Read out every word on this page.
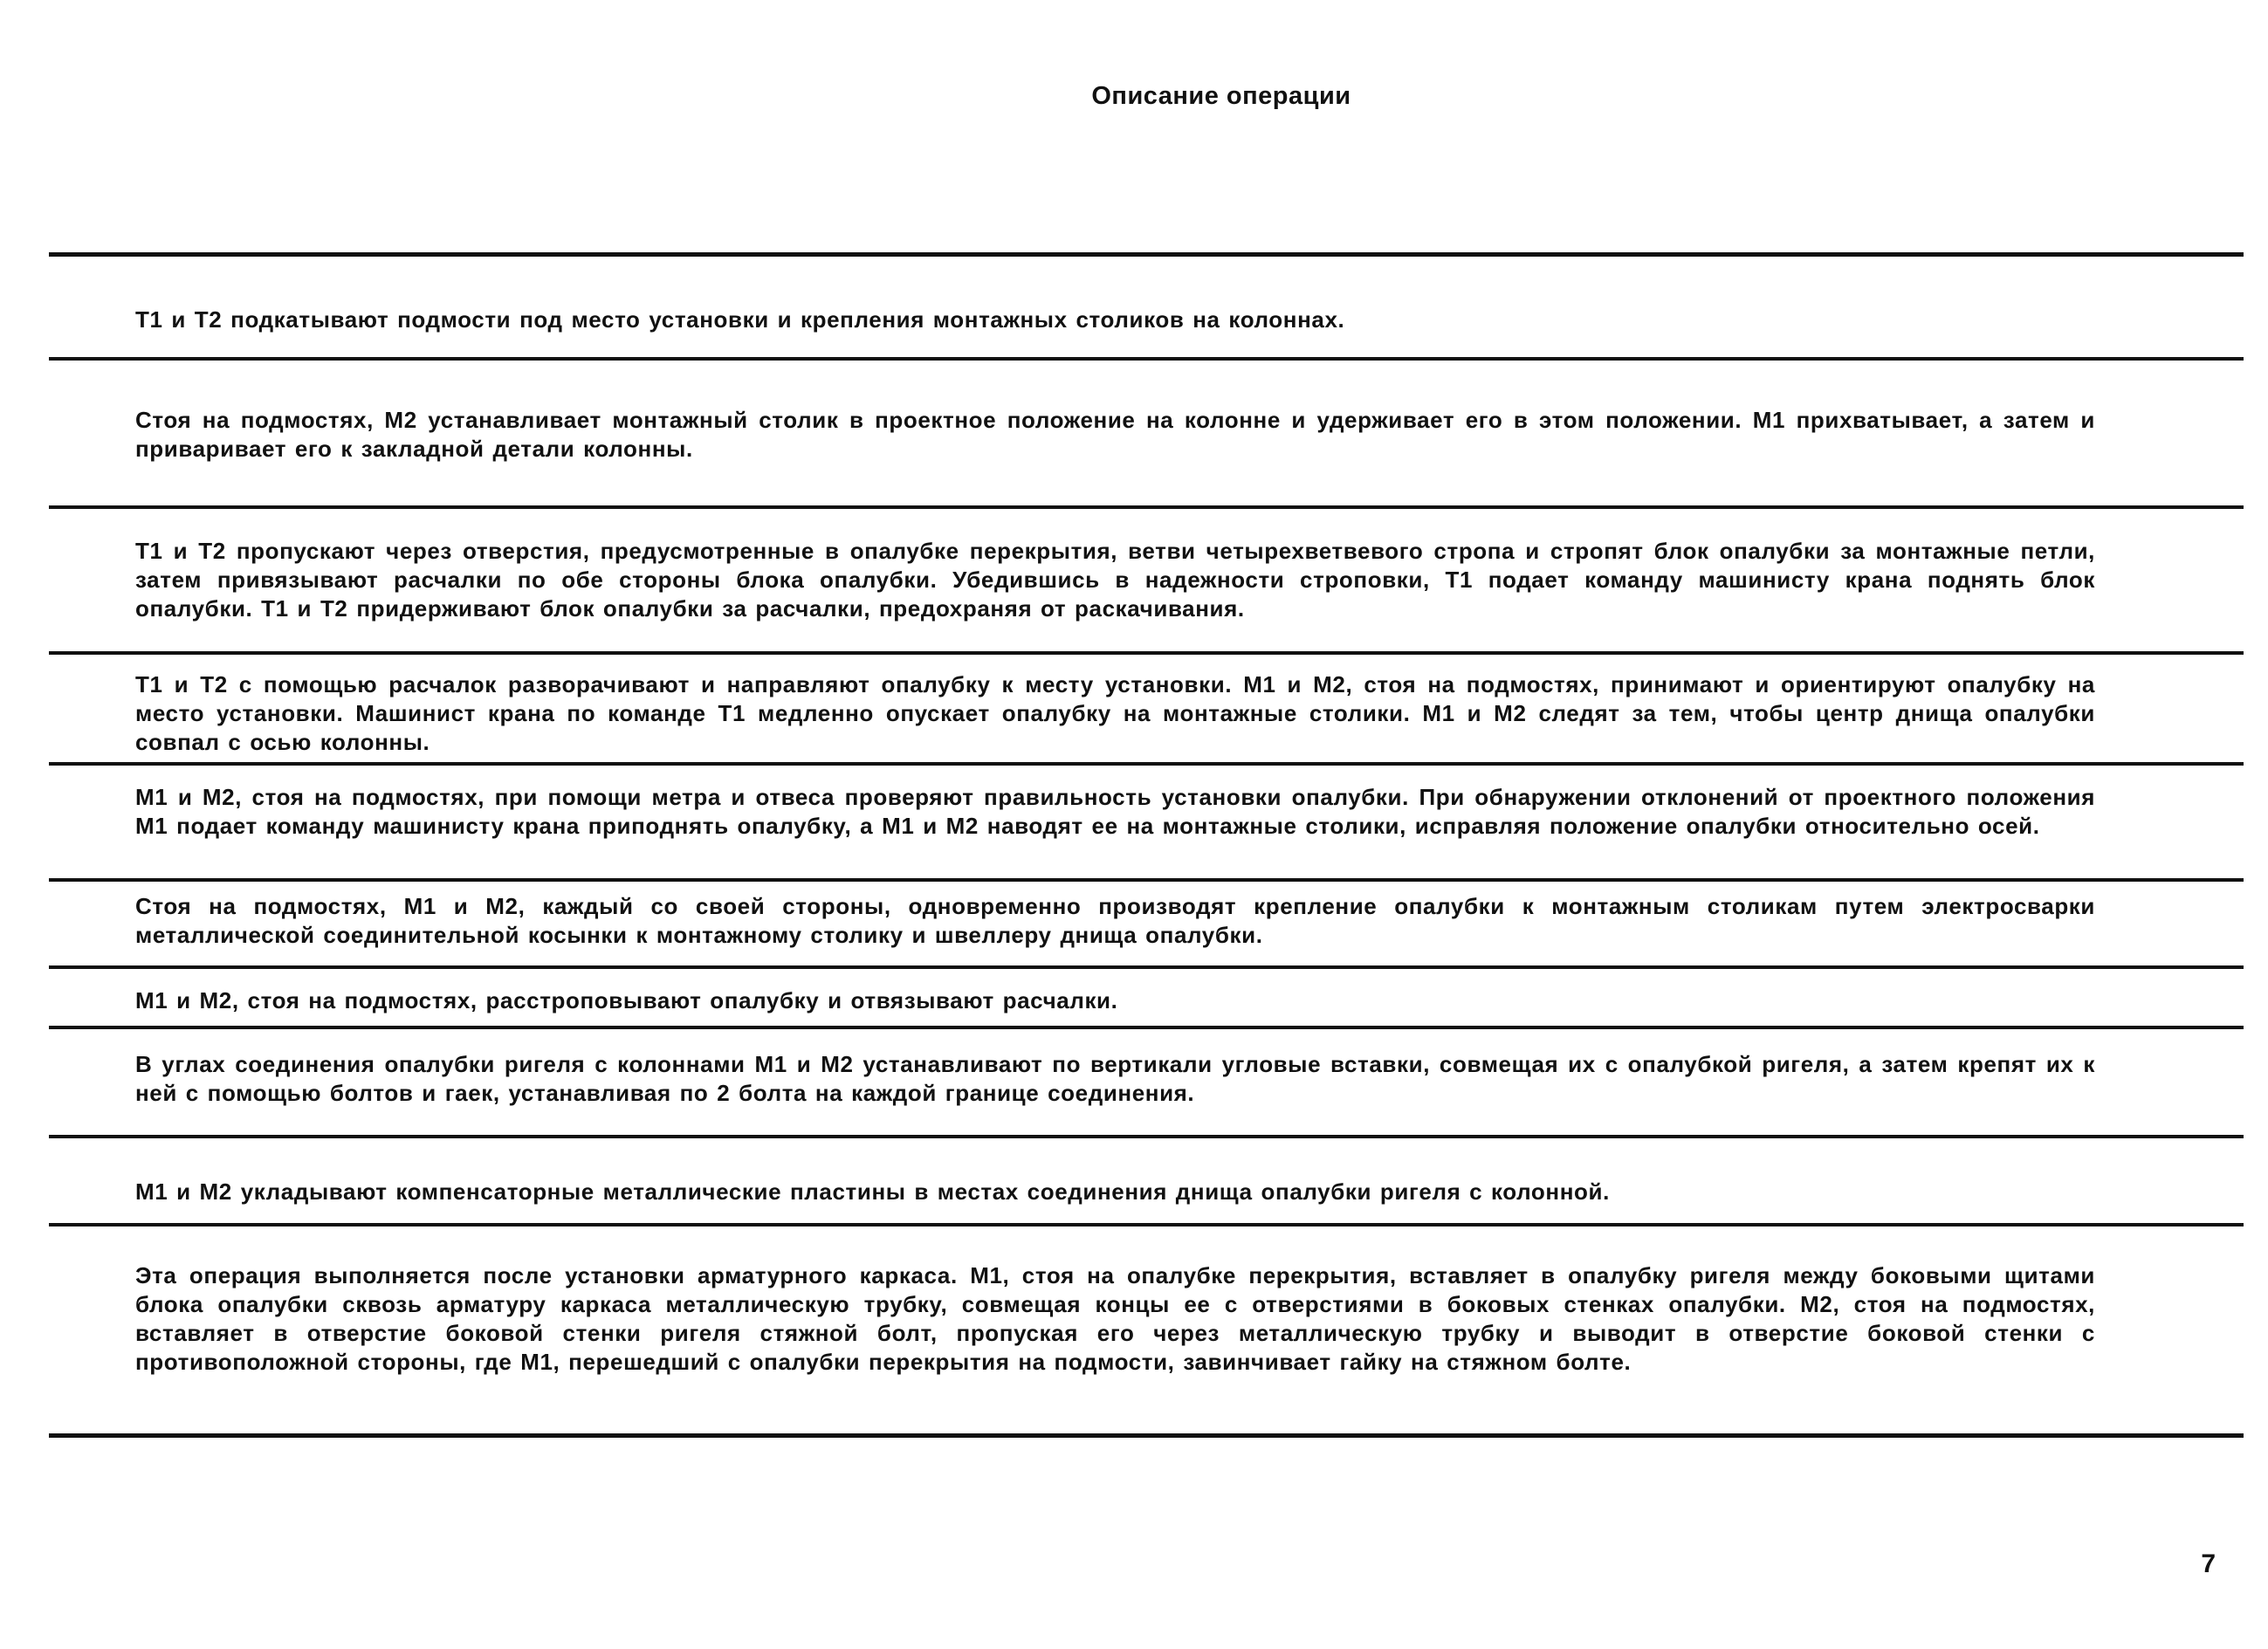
Описание операции
Т1 и Т2 подкатывают подмости под место установки и крепления монтажных столиков на колоннах.
Стоя на подмостях, М2 устанавливает монтажный столик в проектное положение на колонне и удерживает его в этом положении. М1 прихватывает, а затем и приваривает его к закладной детали колонны.
Т1 и Т2 пропускают через отверстия, предусмотренные в опалубке перекрытия, ветви четырехветвевого стропа и стропят блок опалубки за монтажные петли, затем привязывают расчалки по обе стороны блока опалубки. Убедившись в надежности строповки, Т1 подает команду машинисту крана поднять блок опалубки. Т1 и Т2 придерживают блок опалубки за расчалки, предохраняя от раскачивания.
Т1 и Т2 с помощью расчалок разворачивают и направляют опалубку к месту установки. М1 и М2, стоя на подмостях, принимают и ориентируют опалубку на место установки. Машинист крана по команде Т1 медленно опускает опалубку на монтажные столики. М1 и М2 следят за тем, чтобы центр днища опалубки совпал с осью колонны.
М1 и М2, стоя на подмостях, при помощи метра и отвеса проверяют правильность установки опалубки. При обнаружении отклонений от проектного положения М1 подает команду машинисту крана приподнять опалубку, а М1 и М2 наводят ее на монтажные столики, исправляя положение опалубки относительно осей.
Стоя на подмостях, М1 и М2, каждый со своей стороны, одновременно производят крепление опалубки к монтажным столикам путем электросварки металлической соединительной косынки к монтажному столику и швеллеру днища опалубки.
М1 и М2, стоя на подмостях, расстроповывают опалубку и отвязывают расчалки.
В углах соединения опалубки ригеля с колоннами М1 и М2 устанавливают по вертикали угловые вставки, совмещая их с опалубкой ригеля, а затем крепят их к ней с помощью болтов и гаек, устанавливая по 2 болта на каждой границе соединения.
М1 и М2 укладывают компенсаторные металлические пластины в местах соединения днища опалубки ригеля с колонной.
Эта операция выполняется после установки арматурного каркаса. М1, стоя на опалубке перекрытия, вставляет в опалубку ригеля между боковыми щитами блока опалубки сквозь арматуру каркаса металлическую трубку, совмещая концы ее с отверстиями в боковых стенках опалубки. М2, стоя на подмостях, вставляет в отверстие боковой стенки ригеля стяжной болт, пропуская его через металлическую трубку и выводит в отверстие боковой стенки с противоположной стороны, где М1, перешедший с опалубки перекрытия на подмости, завинчивает гайку на стяжном болте.
7
